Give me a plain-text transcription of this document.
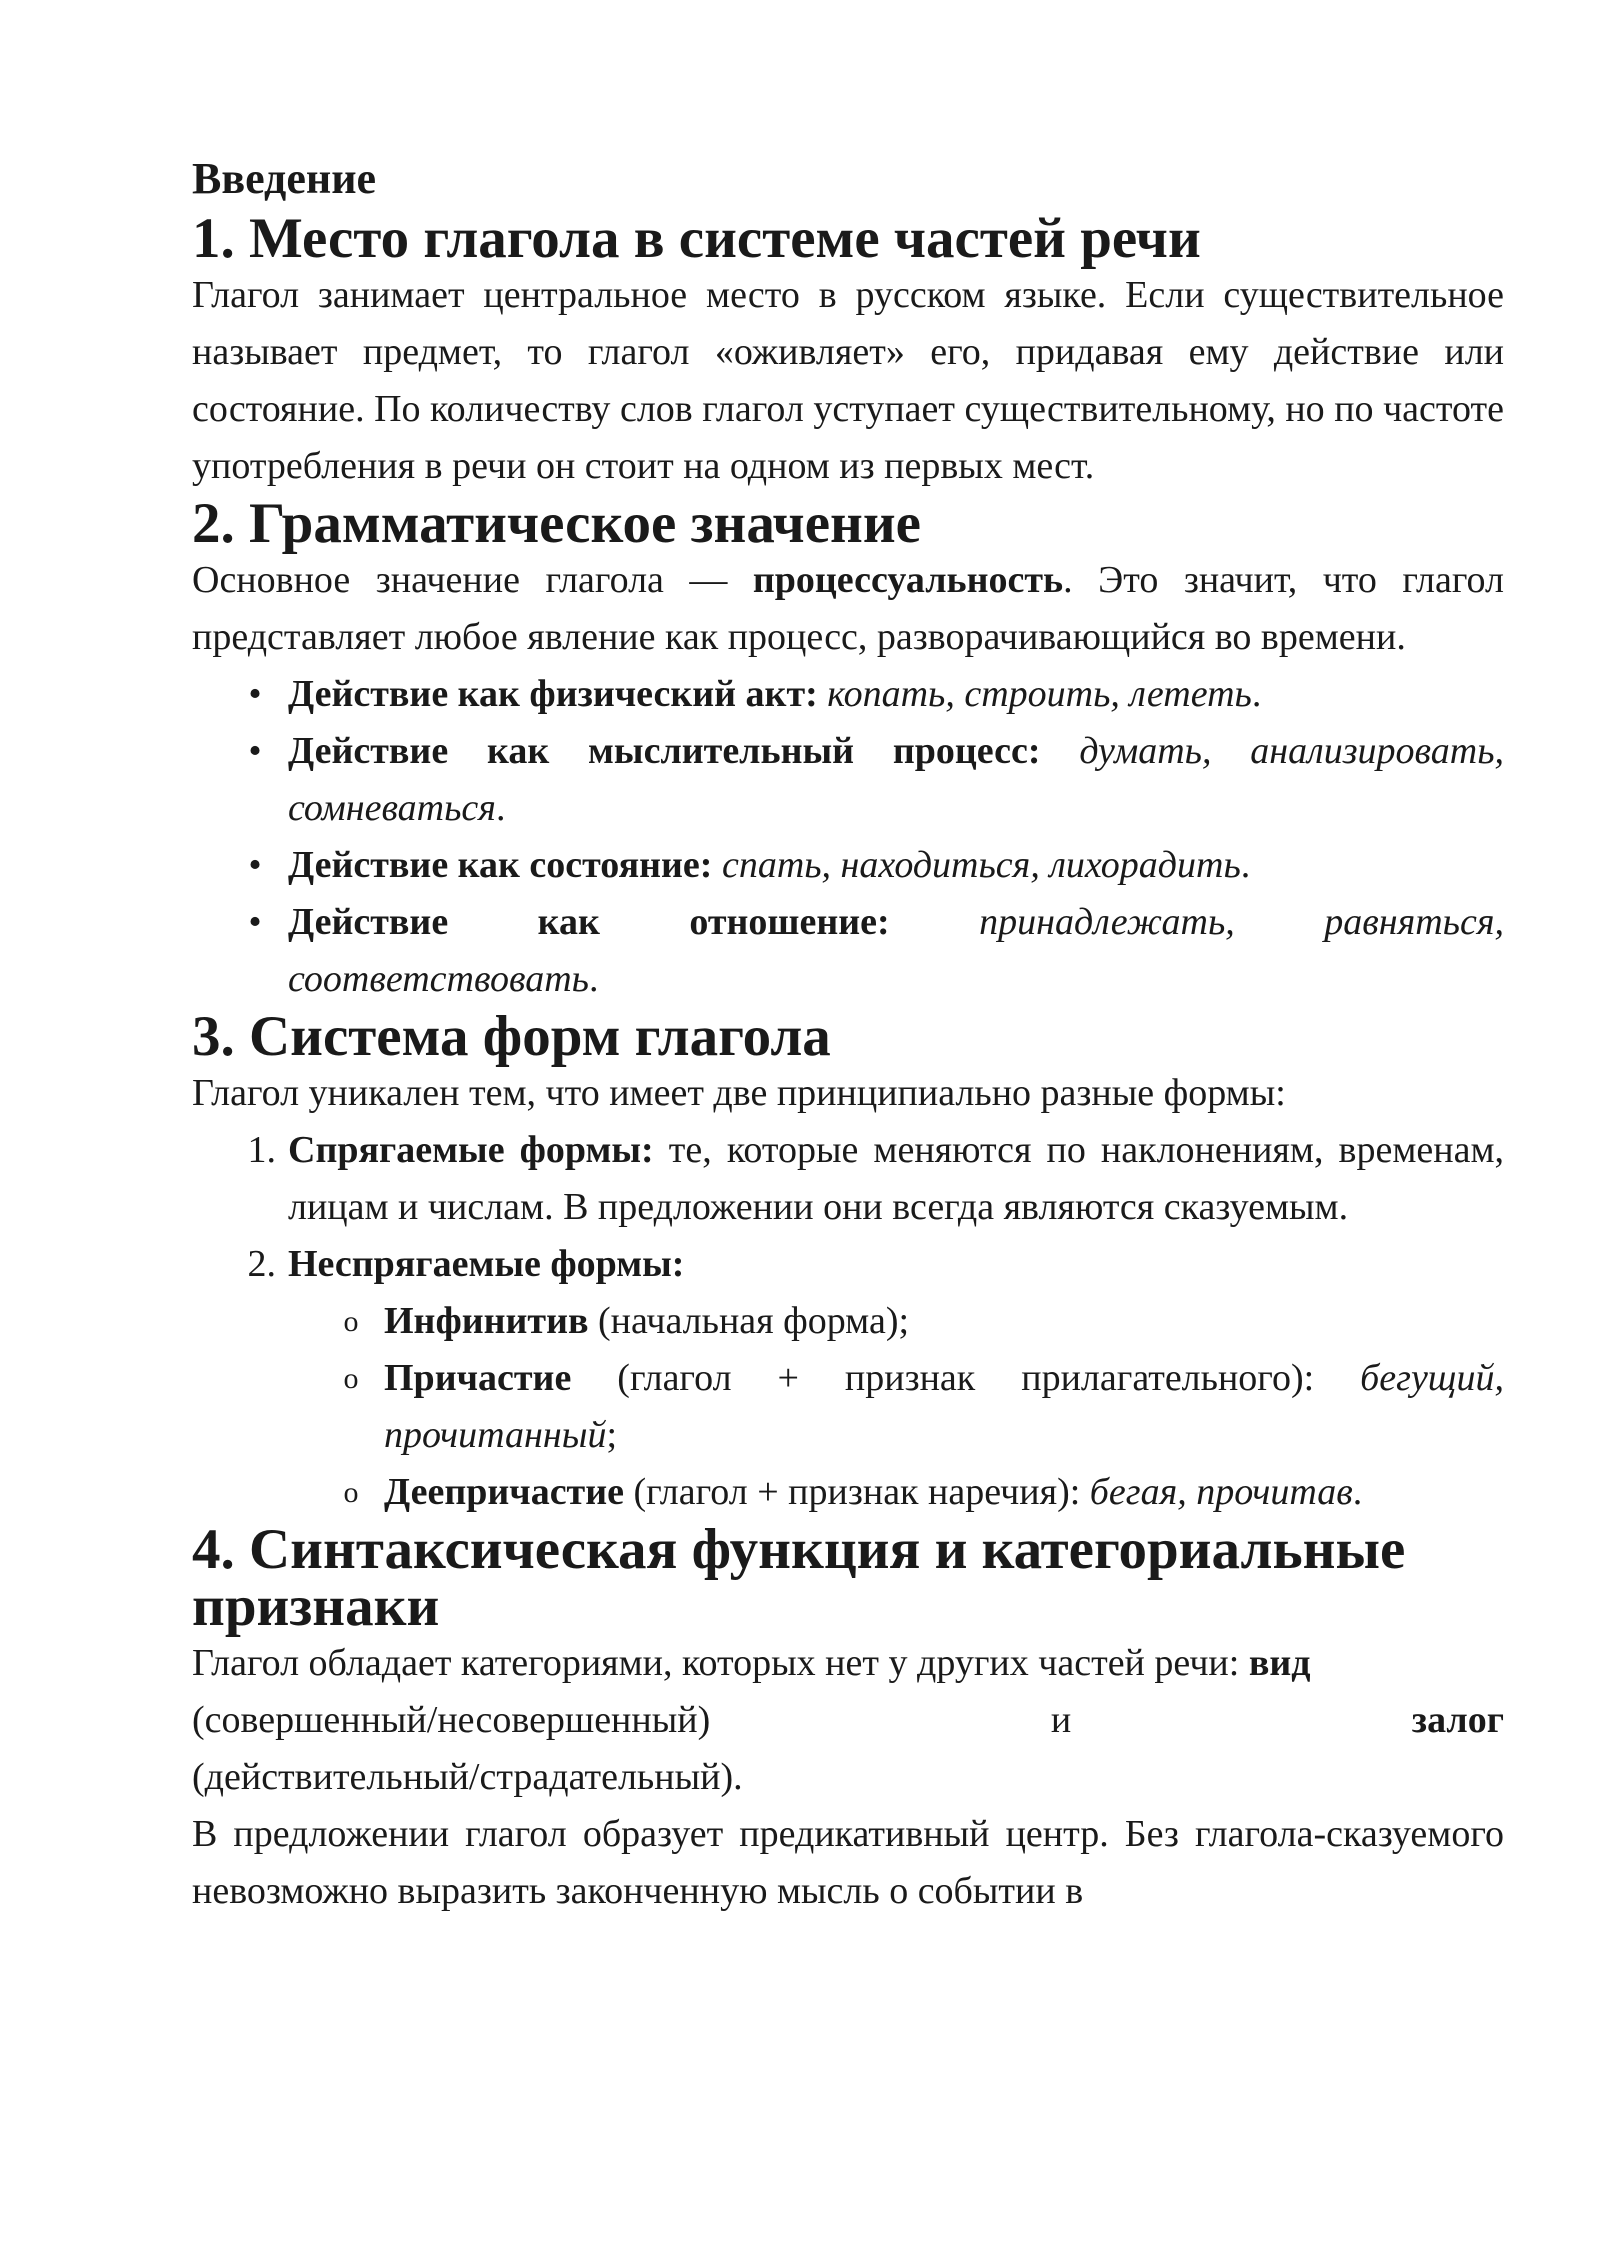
Введение
1. Место глагола в системе частей речи

Глагол занимает центральное место в русском языке. Если существительное называет предмет, то глагол «оживляет» его, придавая ему действие или состояние. По количеству слов глагол уступает существительному, но по частоте употребления в речи он стоит на одном из первых мест.

2. Грамматическое значение

Основное значение глагола — процессуальность. Это значит, что глагол представляет любое явление как процесс, разворачивающийся во времени.

• Действие как физический акт: копать, строить, лететь.
• Действие как мыслительный процесс: думать, анализировать, сомневаться.
• Действие как состояние: спать, находиться, лихорадить.
• Действие как отношение: принадлежать, равняться, соответствовать.
3. Система форм глагола

Глагол уникален тем, что имеет две принципиально разные формы:

1. Спрягаемые формы: те, которые меняются по наклонениям, временам, лицам и числам. В предложении они всегда являются сказуемым.
2. Неспрягаемые формы:
o Инфинитив (начальная форма);
o Причастие (глагол + признак прилагательного): бегущий, прочитанный;
o Деепричастие (глагол + признак наречия): бегая, прочитав.
4. Синтаксическая функция и категориальные признаки

Глагол обладает категориями, которых нет у других частей речи: вид

(совершенный/несовершенный)	и	залог

(действительный/страдательный).

В предложении глагол образует предикативный центр. Без глагола-сказуемого невозможно выразить законченную мысль о событии в
